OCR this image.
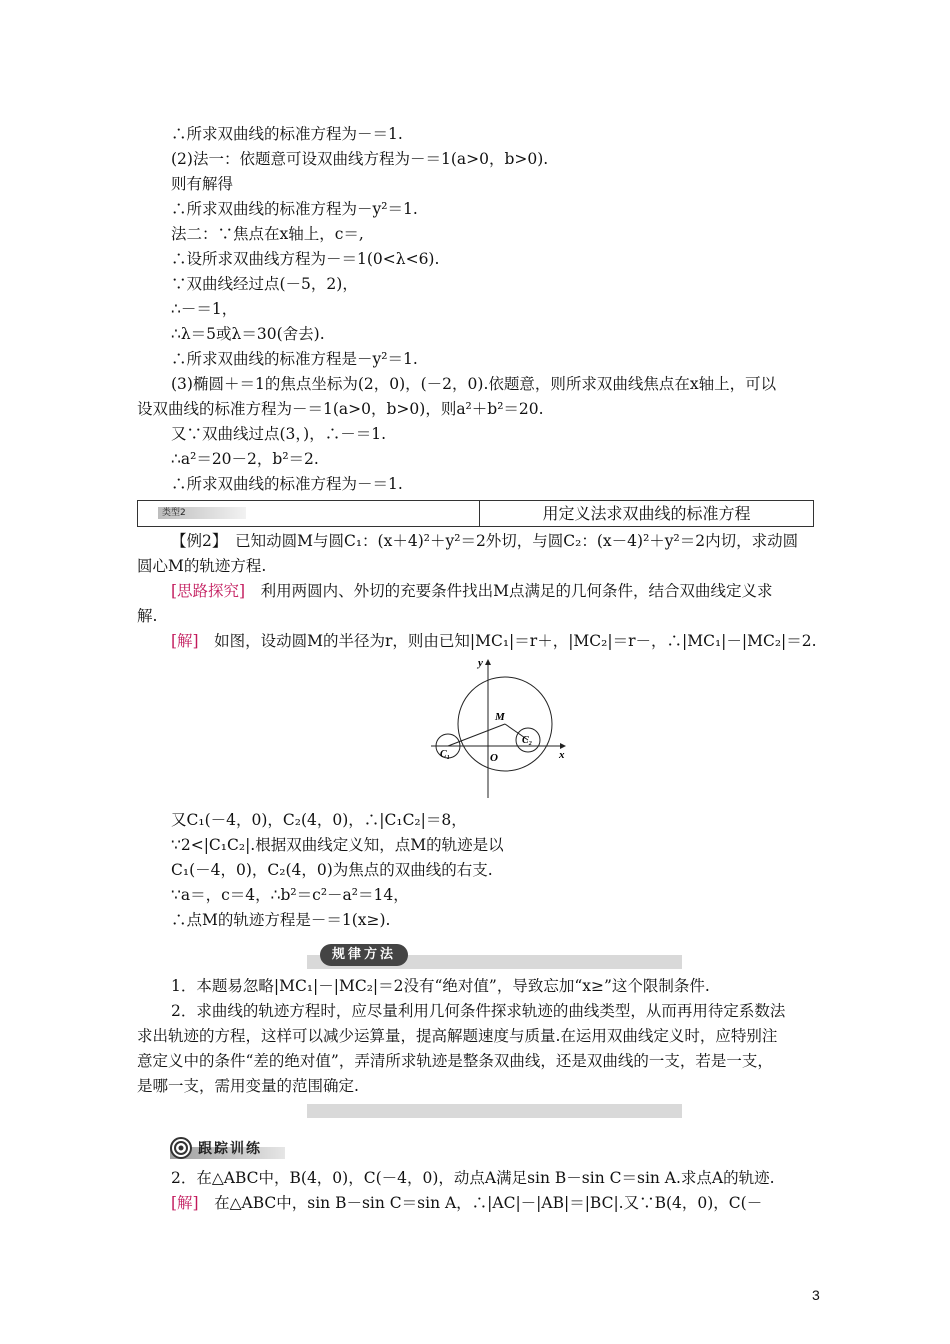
∴所求双曲线的标准方程为－＝1.
(2)法一：依题意可设双曲线方程为－＝1(a>0，b>0).
则有解得
∴所求双曲线的标准方程为－y²＝1.
法二：∵焦点在x轴上，c＝,
∴设所求双曲线方程为－＝1(0<λ<6).
∵双曲线经过点(－5，2)，
∴－＝1，
∴λ＝5或λ＝30(舍去).
∴所求双曲线的标准方程是－y²＝1.
(3)椭圆＋＝1的焦点坐标为(2，0)，(－2，0).依题意，则所求双曲线焦点在x轴上，可以
设双曲线的标准方程为－＝1(a>0，b>0)，则a²＋b²＝20.
又∵双曲线过点(3，)，∴－＝1.
∴a²＝20－2，b²＝2.
∴所求双曲线的标准方程为－＝1.
类型2	用定义法求双曲线的标准方程
【例2】　已知动圆M与圆C₁：(x＋4)²＋y²＝2外切，与圆C₂：(x－4)²＋y²＝2内切，求动圆
圆心M的轨迹方程.
[思路探究]　利用两圆内、外切的充要条件找出M点满足的几何条件，结合双曲线定义求
解.
[解]　如图，设动圆M的半径为r，则由已知|MC₁|＝r＋，|MC₂|＝r－，∴|MC₁|－|MC₂|＝2.
y
x
M
O
C₁
C₂
又C₁(－4，0)，C₂(4，0)，∴|C₁C₂|＝8，
∵2<|C₁C₂|.根据双曲线定义知，点M的轨迹是以
C₁(－4，0)，C₂(4，0)为焦点的双曲线的右支.
∵a＝，c＝4，∴b²＝c²－a²＝14，
∴点M的轨迹方程是－＝1(x≥).
规律方法
1．本题易忽略|MC₁|－|MC₂|＝2没有“绝对值”，导致忘加“x≥”这个限制条件.
2．求曲线的轨迹方程时，应尽量利用几何条件探求轨迹的曲线类型，从而再用待定系数法
求出轨迹的方程，这样可以减少运算量，提高解题速度与质量.在运用双曲线定义时，应特别注
意定义中的条件“差的绝对值”，弄清所求轨迹是整条双曲线，还是双曲线的一支，若是一支，
是哪一支，需用变量的范围确定.
跟踪训练
2．在△ABC中，B(4，0)，C(－4，0)，动点A满足sin B－sin C＝sin A.求点A的轨迹.
[解]　在△ABC中，sin B－sin C＝sin A，∴|AC|－|AB|＝|BC|.又∵B(4，0)，C(－
3
